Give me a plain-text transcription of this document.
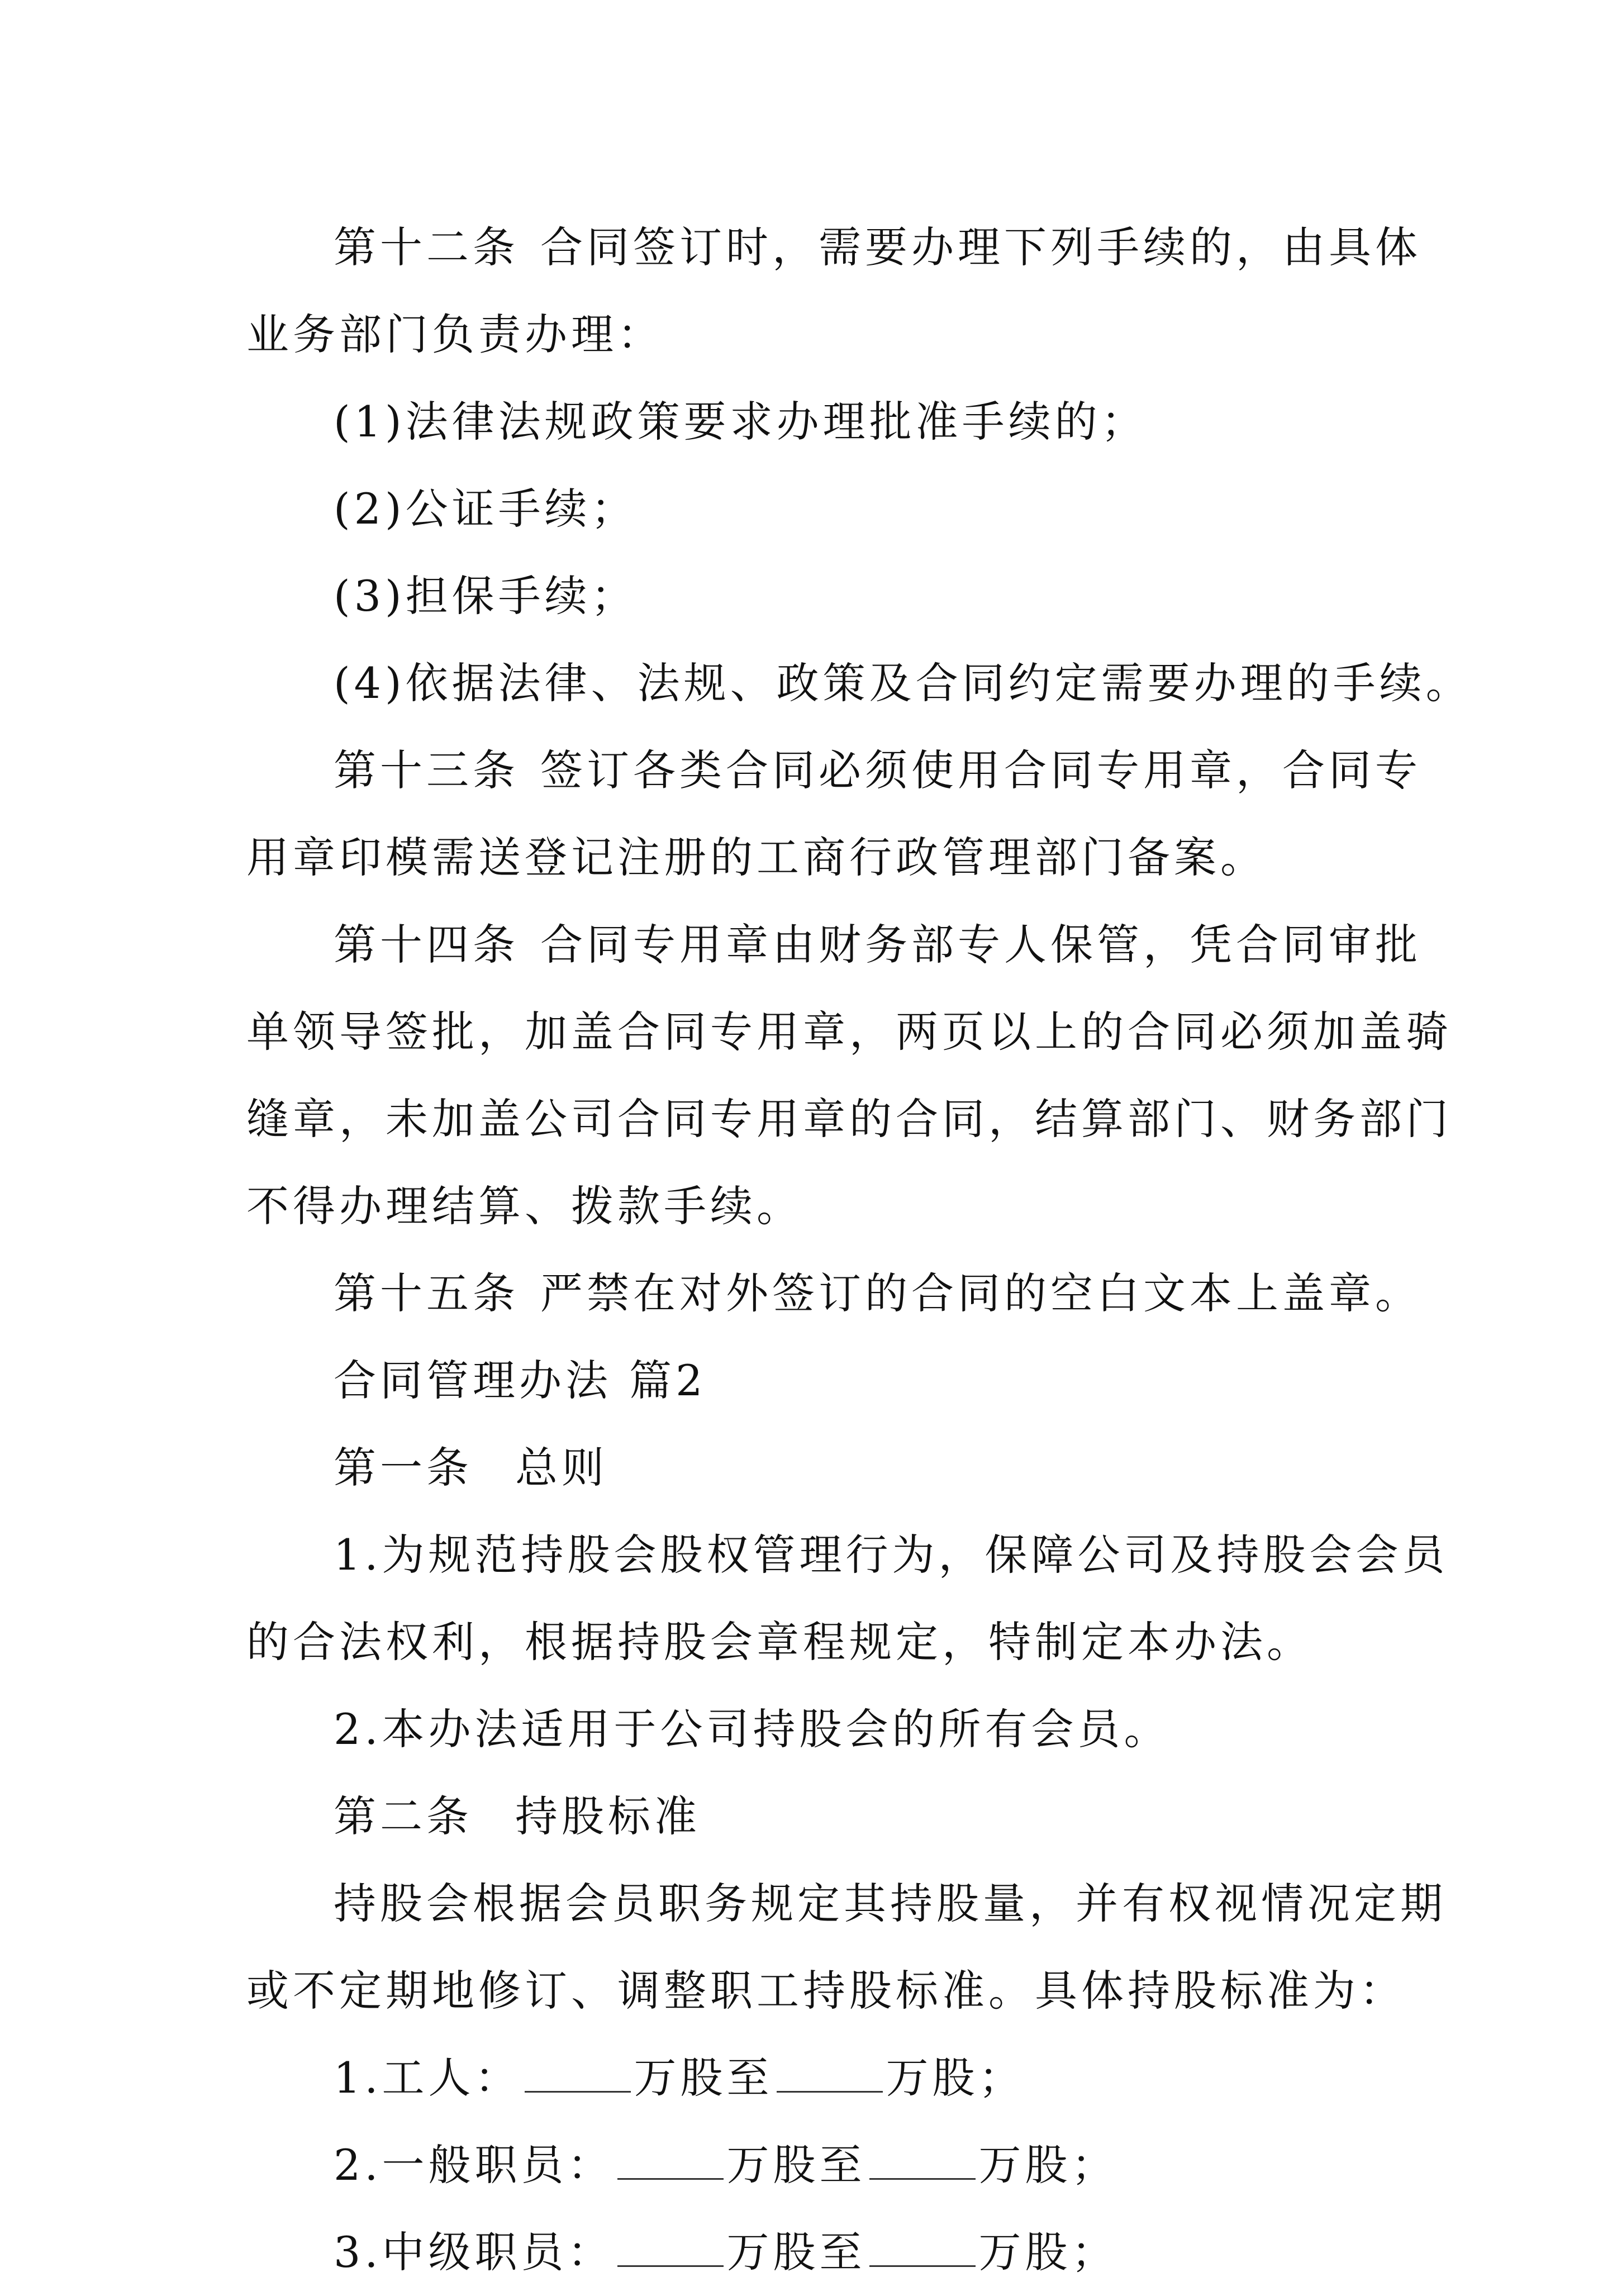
第十二条 合同签订时，需要办理下列手续的，由具体
业务部门负责办理：
(1)法律法规政策要求办理批准手续的；
(2)公证手续；
(3)担保手续；
(4)依据法律、法规、政策及合同约定需要办理的手续。
第十三条 签订各类合同必须使用合同专用章，合同专
用章印模需送登记注册的工商行政管理部门备案。
第十四条 合同专用章由财务部专人保管，凭合同审批
单领导签批，加盖合同专用章，两页以上的合同必须加盖骑
缝章，未加盖公司合同专用章的合同，结算部门、财务部门
不得办理结算、拨款手续。
第十五条 严禁在对外签订的合同的空白文本上盖章。
合同管理办法 篇2
第一条 总则
1.为规范持股会股权管理行为，保障公司及持股会会员
的合法权利，根据持股会章程规定，特制定本办法。
2.本办法适用于公司持股会的所有会员。
第二条 持股标准
持股会根据会员职务规定其持股量，并有权视情况定期
或不定期地修订、调整职工持股标准。具体持股标准为：
1.工人：	万股至	万股；
2.一般职员：	万股至	万股；
3.中级职员：	万股至	万股；
